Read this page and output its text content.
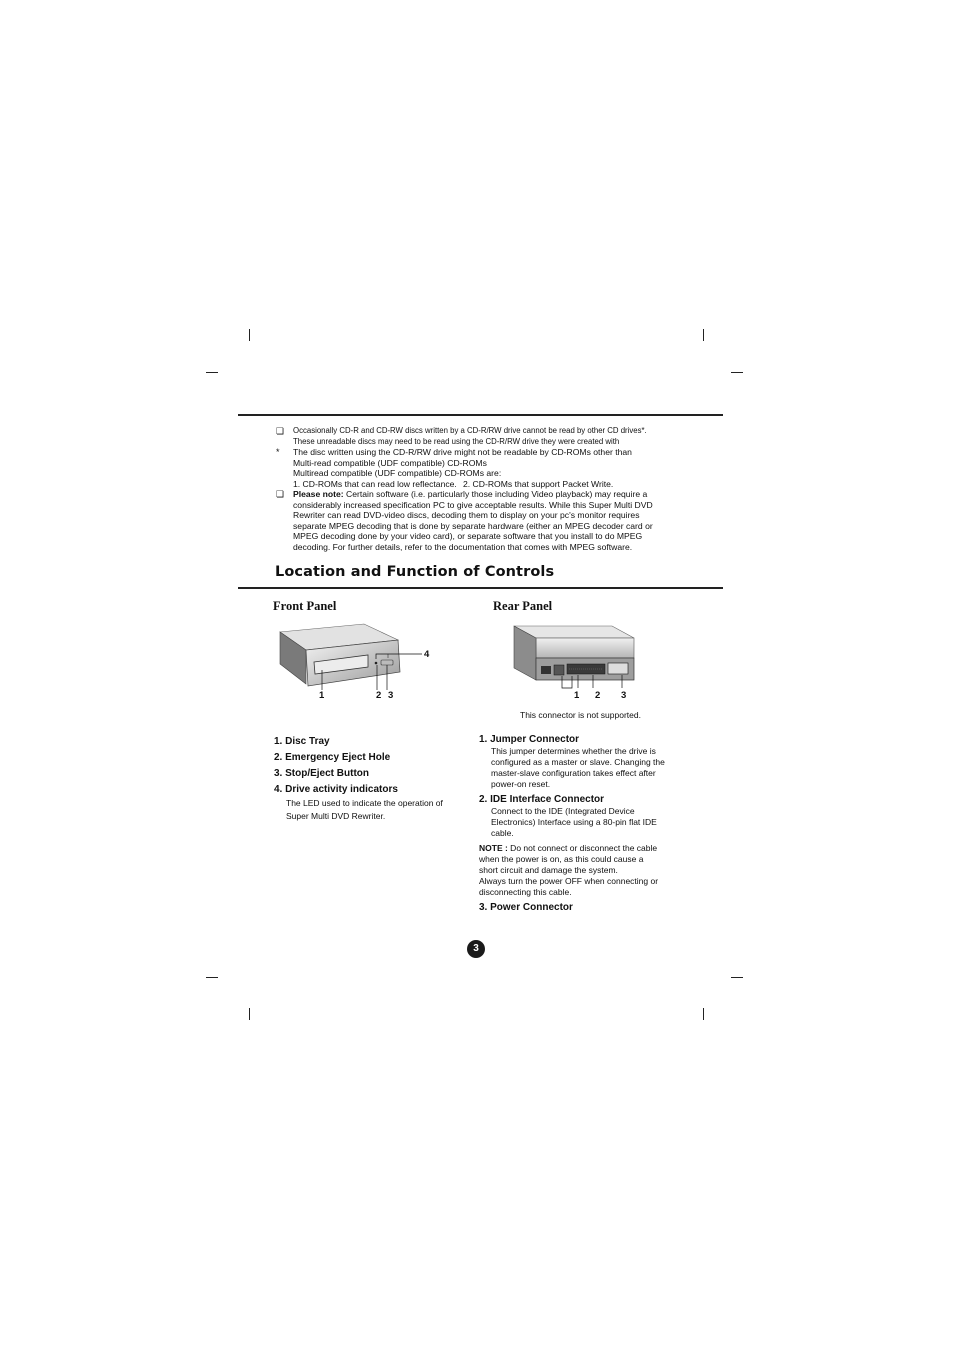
❏	Occasionally CD-R and CD-RW discs written by a CD-R/RW drive cannot be read by other CD drives*.
These unreadable discs may need to be read using the CD-R/RW drive they were created with
*	The disc written using the CD-R/RW drive might not be readable by CD-ROMs other than
Multi-read compatible (UDF compatible) CD-ROMs
Multiread compatible (UDF compatible) CD-ROMs are:
1. CD-ROMs that can read low reflectance. 2. CD-ROMs that support Packet Write.
❏	Please note: Certain software (i.e. particularly those including Video playback) may require a
considerably increased specification PC to give acceptable results. While this Super Multi DVD
Rewriter can read DVD-video discs, decoding them to display on your pc's monitor requires
separate MPEG decoding that is done by separate hardware (either an MPEG decoder card or
MPEG decoding done by your video card), or separate software that you install to do MPEG
decoding. For further details, refer to the documentation that comes with MPEG software.
Location and Function of Controls
Front Panel
1	2 3
4

1. Disc Tray

2. Emergency Eject Hole

3. Stop/Eject Button

4. Drive activity indicators

The LED used to indicate the operation of
Super Multi DVD Rewriter.
Rear Panel
1 2 3
This connector is not supported.

1. Jumper Connector

This jumper determines whether the drive is
configured as a master or slave. Changing the
master-slave configuration takes effect after
power-on reset.

2. IDE Interface Connector

Connect to the IDE (Integrated Device
Electronics) Interface using a 80-pin flat IDE
cable.
NOTE : Do not connect or disconnect the cable
when the power is on, as this could cause a
short circuit and damage the system.
Always turn the power OFF when connecting or
disconnecting this cable.

3. Power Connector

3
